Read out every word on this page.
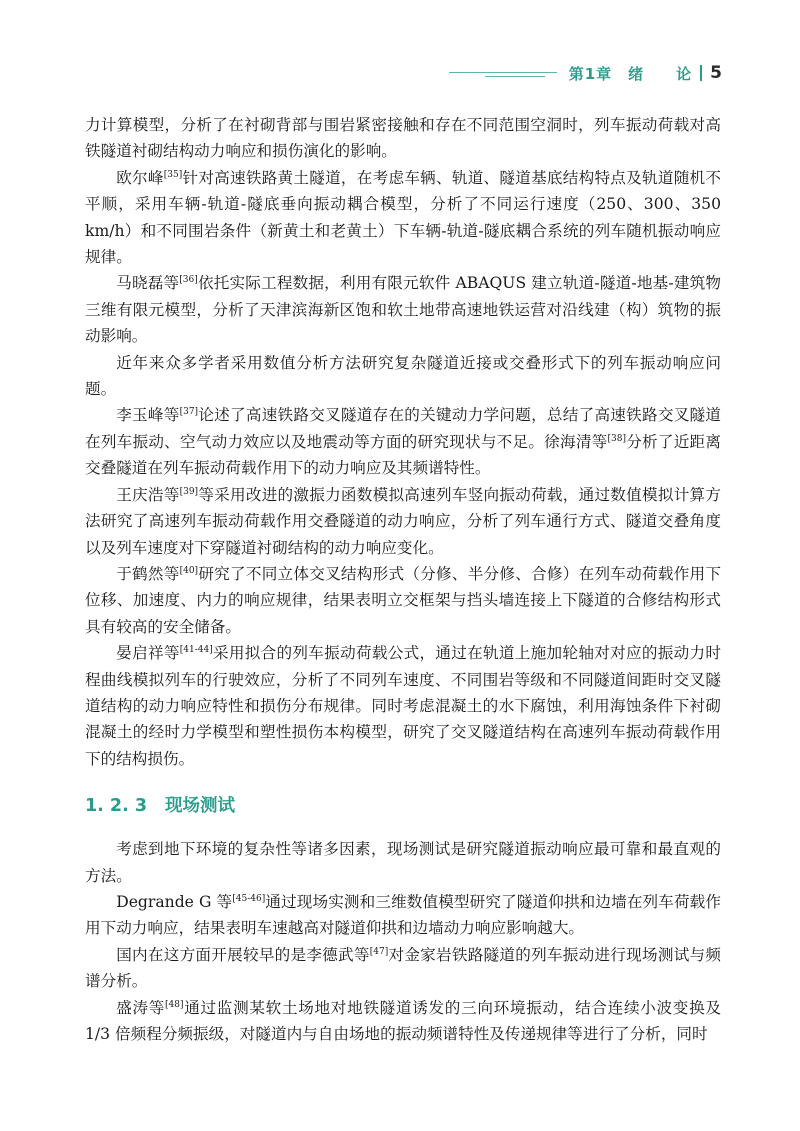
第1章　绪　　论 5

力计算模型，分析了在衬砌背部与围岩紧密接触和存在不同范围空洞时，列车振动荷载对高铁隧道衬砌结构动力响应和损伤演化的影响。

欧尔峰[35]针对高速铁路黄土隧道，在考虑车辆、轨道、隧道基底结构特点及轨道随机不平顺，采用车辆-轨道-隧底垂向振动耦合模型，分析了不同运行速度（250、300、350 km/h）和不同围岩条件（新黄土和老黄土）下车辆-轨道-隧底耦合系统的列车随机振动响应规律。

马晓磊等[36]依托实际工程数据，利用有限元软件 ABAQUS 建立轨道-隧道-地基-建筑物三维有限元模型，分析了天津滨海新区饱和软土地带高速地铁运营对沿线建（构）筑物的振动影响。

近年来众多学者采用数值分析方法研究复杂隧道近接或交叠形式下的列车振动响应问题。

李玉峰等[37]论述了高速铁路交叉隧道存在的关键动力学问题，总结了高速铁路交叉隧道在列车振动、空气动力效应以及地震动等方面的研究现状与不足。徐海清等[38]分析了近距离交叠隧道在列车振动荷载作用下的动力响应及其频谱特性。

王庆浩等[39]等采用改进的激振力函数模拟高速列车竖向振动荷载，通过数值模拟计算方法研究了高速列车振动荷载作用交叠隧道的动力响应，分析了列车通行方式、隧道交叠角度以及列车速度对下穿隧道衬砌结构的动力响应变化。

于鹤然等[40]研究了不同立体交叉结构形式（分修、半分修、合修）在列车动荷载作用下位移、加速度、内力的响应规律，结果表明立交框架与挡头墙连接上下隧道的合修结构形式具有较高的安全储备。

晏启祥等[41-44]采用拟合的列车振动荷载公式，通过在轨道上施加轮轴对对应的振动力时程曲线模拟列车的行驶效应，分析了不同列车速度、不同围岩等级和不同隧道间距时交叉隧道结构的动力响应特性和损伤分布规律。同时考虑混凝土的水下腐蚀，利用海蚀条件下衬砌混凝土的经时力学模型和塑性损伤本构模型，研究了交叉隧道结构在高速列车振动荷载作用下的结构损伤。

1. 2. 3 现场测试

考虑到地下环境的复杂性等诸多因素，现场测试是研究隧道振动响应最可靠和最直观的方法。

Degrande G 等[45-46]通过现场实测和三维数值模型研究了隧道仰拱和边墙在列车荷载作用下动力响应，结果表明车速越高对隧道仰拱和边墙动力响应影响越大。

国内在这方面开展较早的是李德武等[47]对金家岩铁路隧道的列车振动进行现场测试与频谱分析。

盛涛等[48]通过监测某软土场地对地铁隧道诱发的三向环境振动，结合连续小波变换及 1/3 倍频程分频振级，对隧道内与自由场地的振动频谱特性及传递规律等进行了分析，同时
